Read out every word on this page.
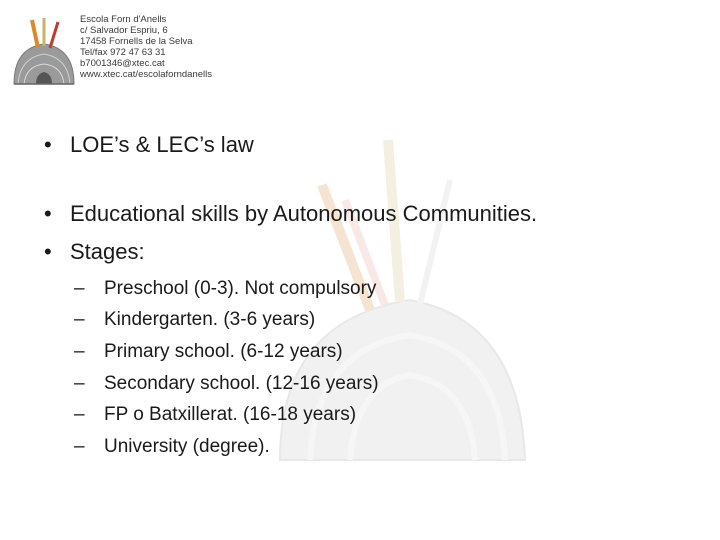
Escola Forn d'Anells
c/ Salvador Espriu, 6
17458 Fornells de la Selva
Tel/fax 972 47 63 31
b7001346@xtec.cat
www.xtec.cat/escolaforndanells
• LOE’s & LEC’s law
• Educational skills by Autonomous Communities.
• Stages:
– Preschool (0-3). Not compulsory
– Kindergarten. (3-6 years)
– Primary school. (6-12 years)
– Secondary school. (12-16 years)
– FP o Batxillerat. (16-18 years)
– University (degree).
